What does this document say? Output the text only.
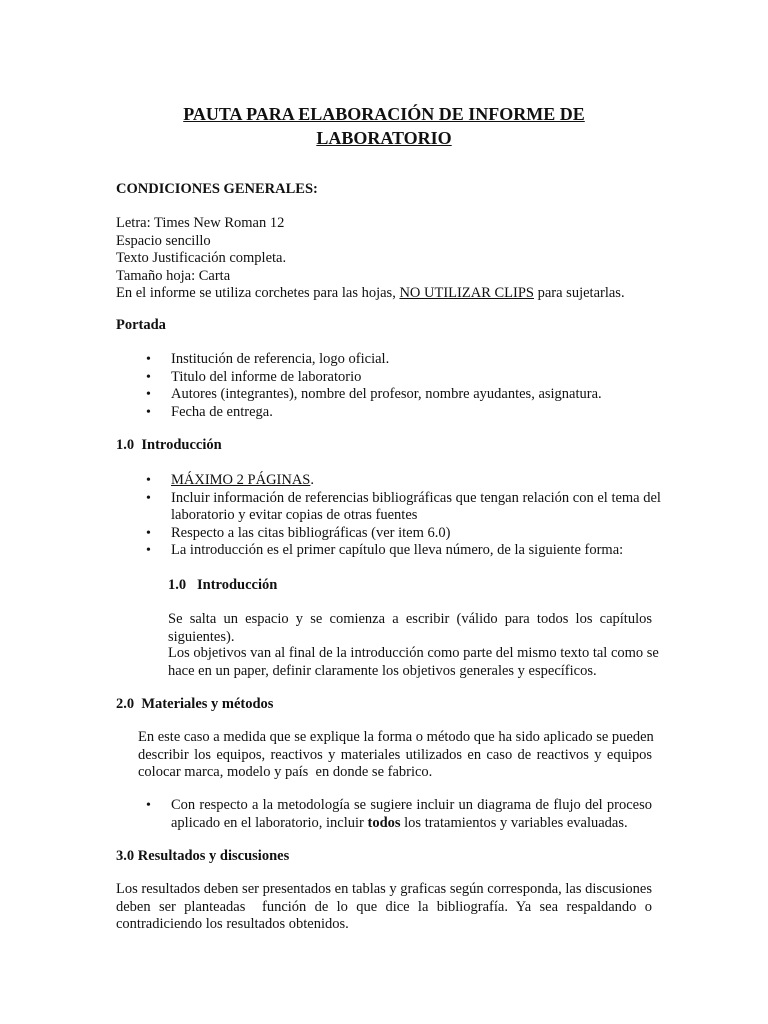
PAUTA PARA ELABORACIÓN DE INFORME DE
LABORATORIO
CONDICIONES GENERALES:
Letra: Times New Roman 12
Espacio sencillo
Texto Justificación completa.
Tamaño hoja: Carta
En el informe se utiliza corchetes para las hojas, NO UTILIZAR CLIPS para sujetarlas.
Portada
• Institución de referencia, logo oficial.
• Titulo del informe de laboratorio
• Autores (integrantes), nombre del profesor, nombre ayudantes, asignatura.
• Fecha de entrega.
1.0  Introducción
• MÁXIMO 2 PÁGINAS.
• Incluir información de referencias bibliográficas que tengan relación con el tema del
laboratorio y evitar copias de otras fuentes
• Respecto a las citas bibliográficas (ver item 6.0)
• La introducción es el primer capítulo que lleva número, de la siguiente forma:
1.0   Introducción
Se salta un espacio y se comienza a escribir (válido para todos los capítulos
siguientes).
Los objetivos van al final de la introducción como parte del mismo texto tal como se
hace en un paper, definir claramente los objetivos generales y específicos.
2.0  Materiales y métodos
En este caso a medida que se explique la forma o método que ha sido aplicado se pueden
describir los equipos, reactivos y materiales utilizados en caso de reactivos y equipos
colocar marca, modelo y país  en donde se fabrico.
• Con respecto a la metodología se sugiere incluir un diagrama de flujo del proceso
aplicado en el laboratorio, incluir todos los tratamientos y variables evaluadas.
3.0 Resultados y discusiones
Los resultados deben ser presentados en tablas y graficas según corresponda, las discusiones
deben ser planteadas  función de lo que dice la bibliografía. Ya sea respaldando o
contradiciendo los resultados obtenidos.
